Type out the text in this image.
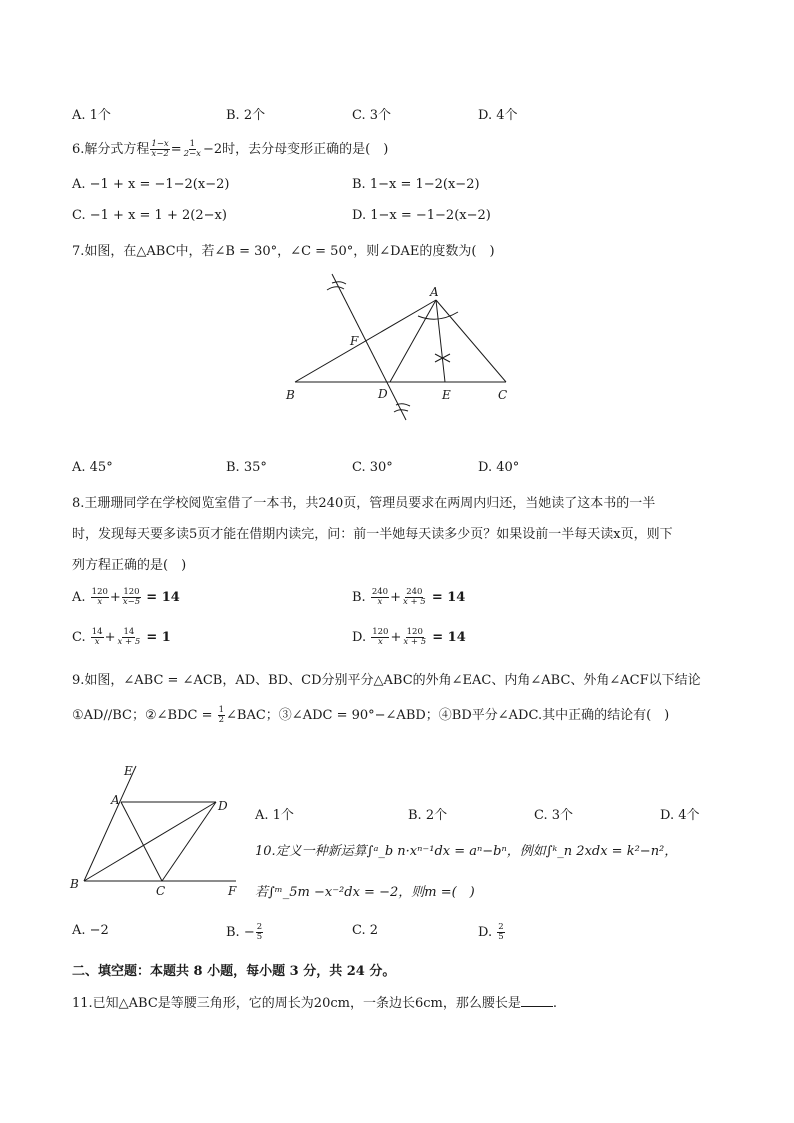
A. 1个	B. 2个	C. 3个	D. 4个
6.解分式方程 $\frac{1-x}{x-2} = \frac{1}{2-x} -2$时，去分母变形正确的是(　)
A. −1 + x = −1−2(x−2)	B. 1−x = 1−2(x−2)
C. −1 + x = 1 + 2(2−x)	D. 1−x = −1−2(x−2)
7.如图，在△ABC中，若∠B = 30°，∠C = 50°，则∠DAE的度数为(　)
A
B	C
D	E
F
A. 45°	B. 35°	C. 30°	D. 40°
8.王珊珊同学在学校阅览室借了一本书，共240页，管理员要求在两周内归还，当她读了这本书的一半
时，发现每天要多读5页才能在借期内读完，问：前一半她每天读多少页？如果设前一半每天读x页，则下
列方程正确的是(　)
A. $\frac{120}{x} + \frac{120}{x-5} = 14$	B. $\frac{240}{x} + \frac{240}{x + 5} = 14$
C. $\frac{14}{x} + \frac{14}{x + 5} = 1$	D. $\frac{120}{x} + \frac{120}{x + 5} = 14$
9.如图，∠ABC = ∠ACB，AD、BD、CD分别平分△ABC的外角∠EAC、内角∠ABC、外角∠ACF以下结论
①AD//BC；②∠BDC = $\frac{1}{2}$ ∠BAC；③∠ADC = 90°−∠ABD；④BD平分∠ADC.其中正确的结论有(　)
E
A	D
B	C	F
A. 1个	B. 2个	C. 3个	D. 4个
10.定义一种新运算∫ᵃ_b n·xⁿ⁻¹dx = aⁿ−bⁿ，例如∫ᵏ_n 2xdx = k²−n²，
若∫ᵐ_5m −x⁻²dx = −2，则m =(　)
A. −2	B. − $\frac{2}{5}$	C. 2	D. $\frac{2}{5}$
二、填空题：本题共 8 小题，每小题 3 分，共 24 分。
11.已知△ABC是等腰三角形，它的周长为20cm，一条边长6cm，那么腰长是 .
